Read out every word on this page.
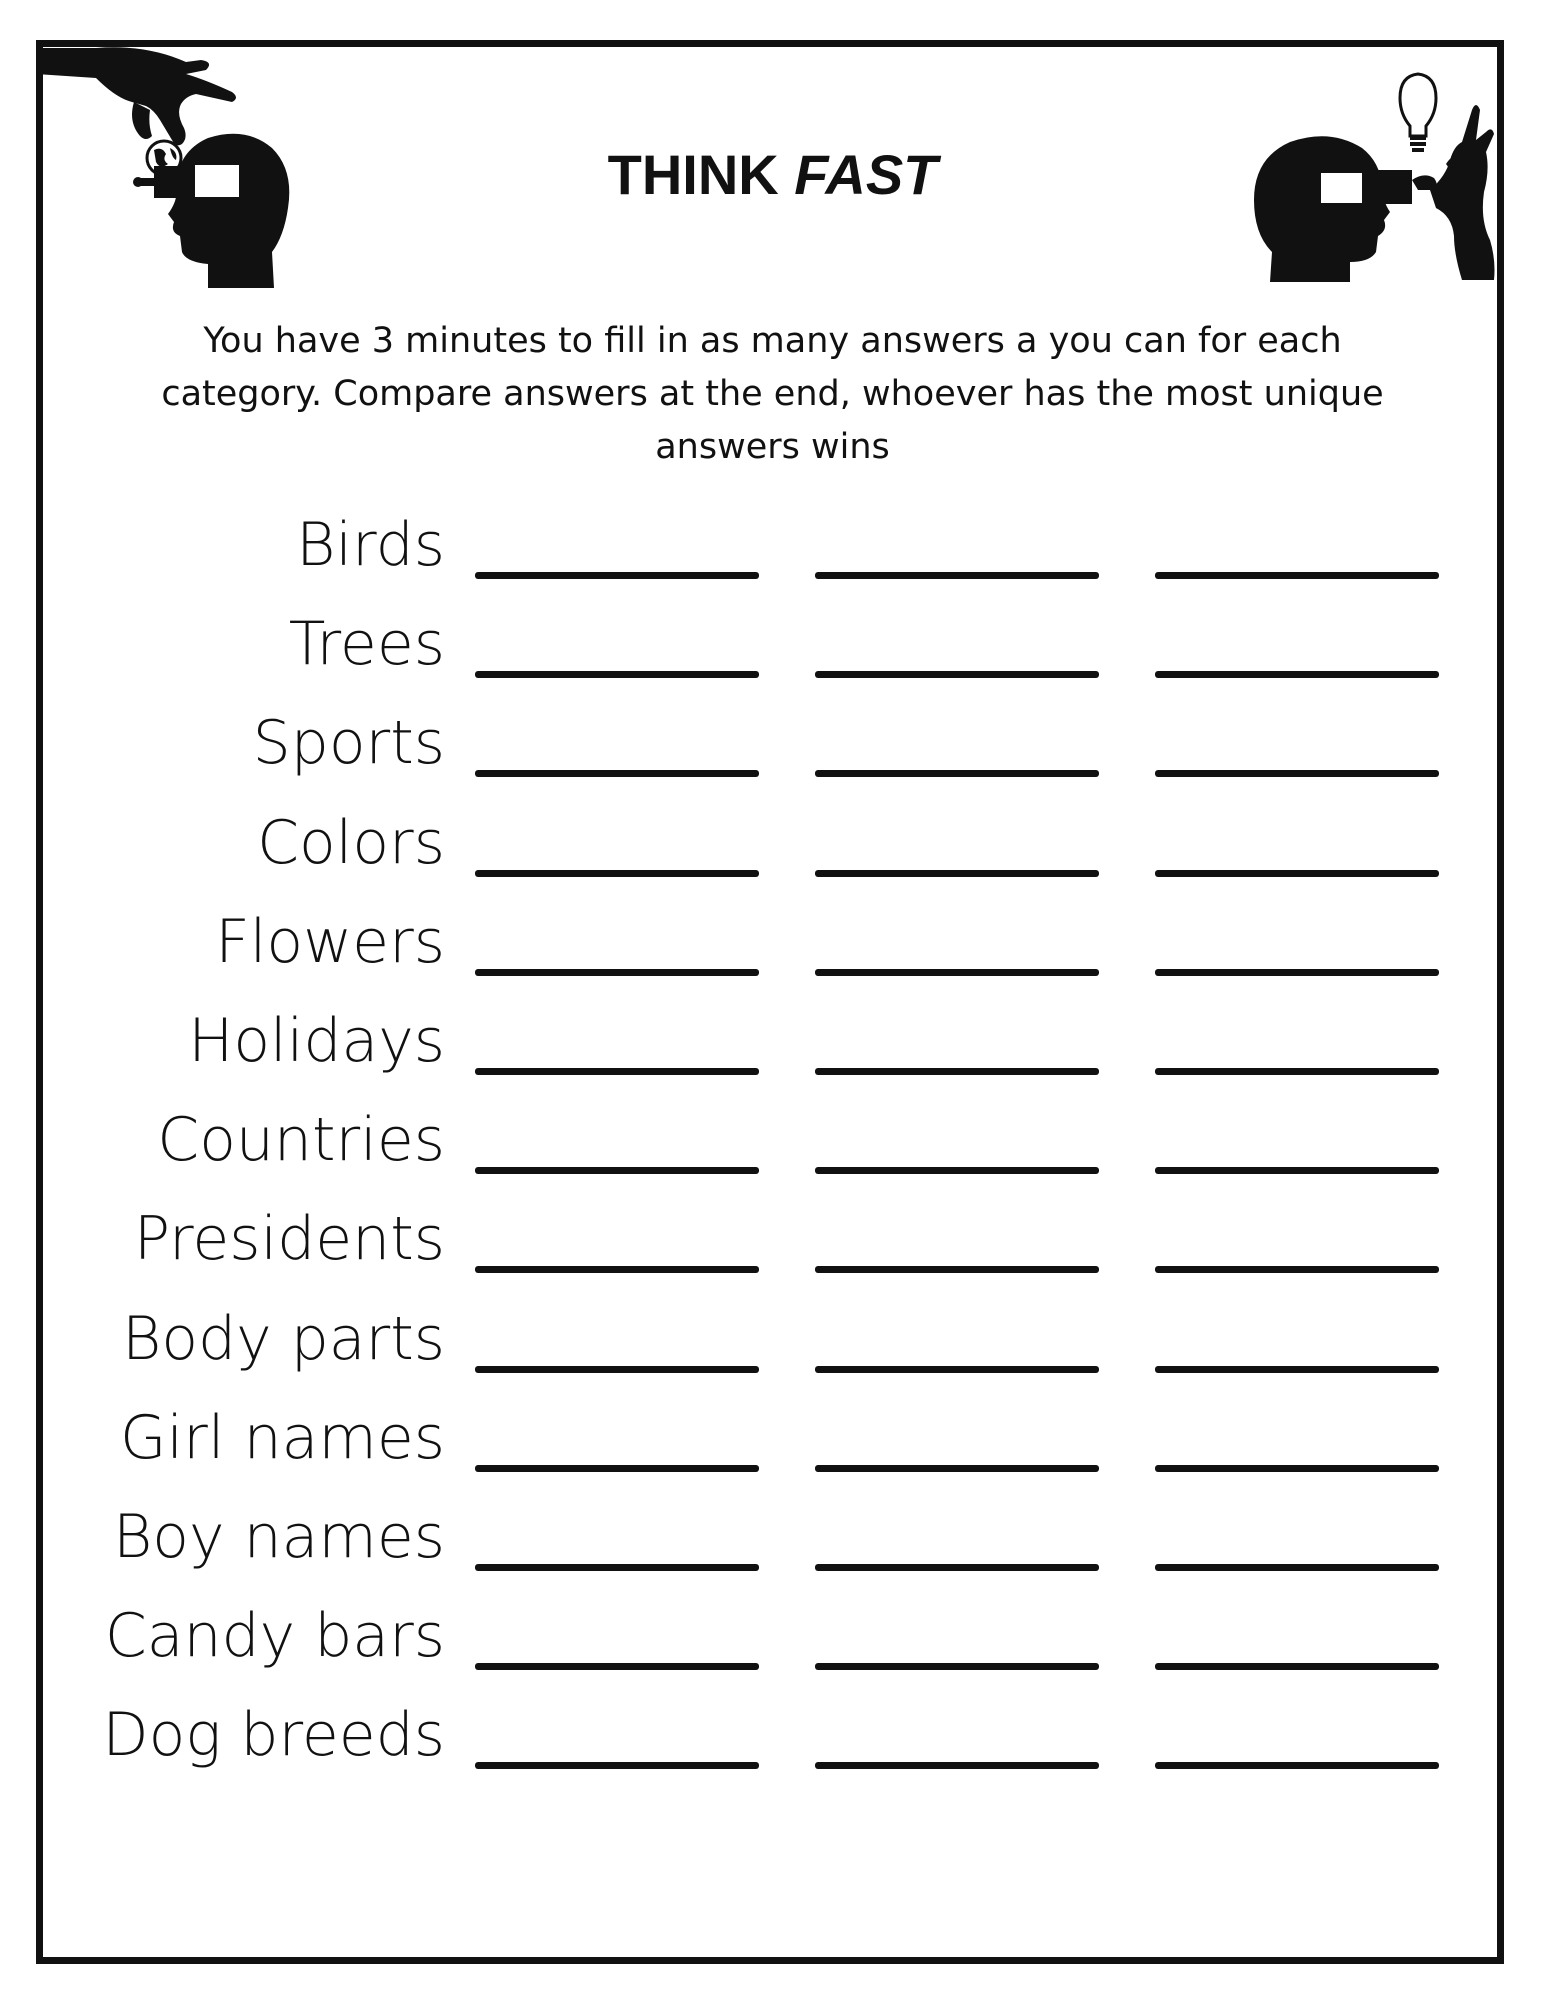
THINK FAST
You have 3 minutes to fill in as many answers a you can for each category. Compare answers at the end, whoever has the most unique answers wins
Birds
Trees
Sports
Colors
Flowers
Holidays
Countries
Presidents
Body parts
Girl names
Boy names
Candy bars
Dog breeds
